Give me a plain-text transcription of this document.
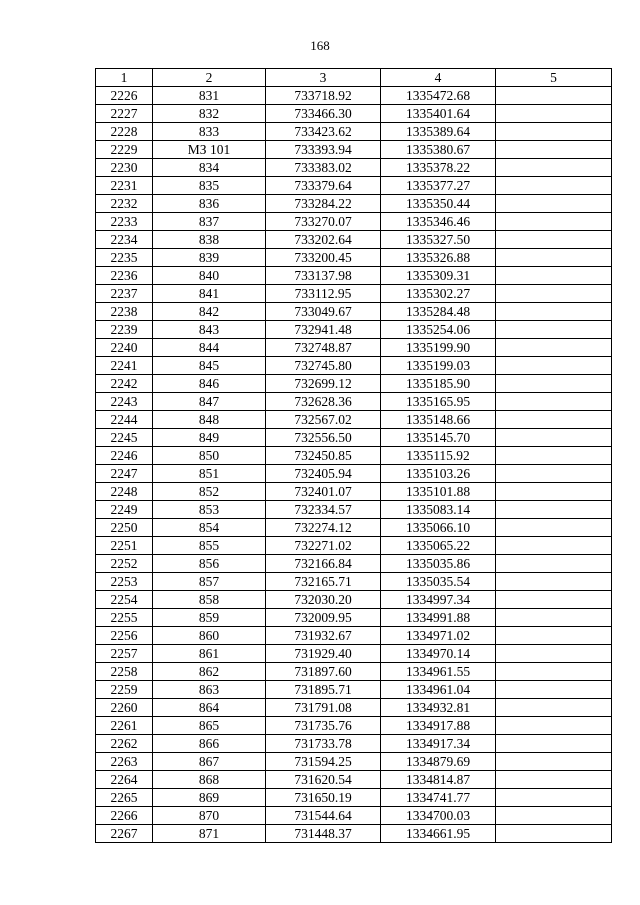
168
1	2	3	4	5
2226	831	733718.92	1335472.68	
2227	832	733466.30	1335401.64	
2228	833	733423.62	1335389.64	
2229	МЗ 101	733393.94	1335380.67	
2230	834	733383.02	1335378.22	
2231	835	733379.64	1335377.27	
2232	836	733284.22	1335350.44	
2233	837	733270.07	1335346.46	
2234	838	733202.64	1335327.50	
2235	839	733200.45	1335326.88	
2236	840	733137.98	1335309.31	
2237	841	733112.95	1335302.27	
2238	842	733049.67	1335284.48	
2239	843	732941.48	1335254.06	
2240	844	732748.87	1335199.90	
2241	845	732745.80	1335199.03	
2242	846	732699.12	1335185.90	
2243	847	732628.36	1335165.95	
2244	848	732567.02	1335148.66	
2245	849	732556.50	1335145.70	
2246	850	732450.85	1335115.92	
2247	851	732405.94	1335103.26	
2248	852	732401.07	1335101.88	
2249	853	732334.57	1335083.14	
2250	854	732274.12	1335066.10	
2251	855	732271.02	1335065.22	
2252	856	732166.84	1335035.86	
2253	857	732165.71	1335035.54	
2254	858	732030.20	1334997.34	
2255	859	732009.95	1334991.88	
2256	860	731932.67	1334971.02	
2257	861	731929.40	1334970.14	
2258	862	731897.60	1334961.55	
2259	863	731895.71	1334961.04	
2260	864	731791.08	1334932.81	
2261	865	731735.76	1334917.88	
2262	866	731733.78	1334917.34	
2263	867	731594.25	1334879.69	
2264	868	731620.54	1334814.87	
2265	869	731650.19	1334741.77	
2266	870	731544.64	1334700.03	
2267	871	731448.37	1334661.95	
